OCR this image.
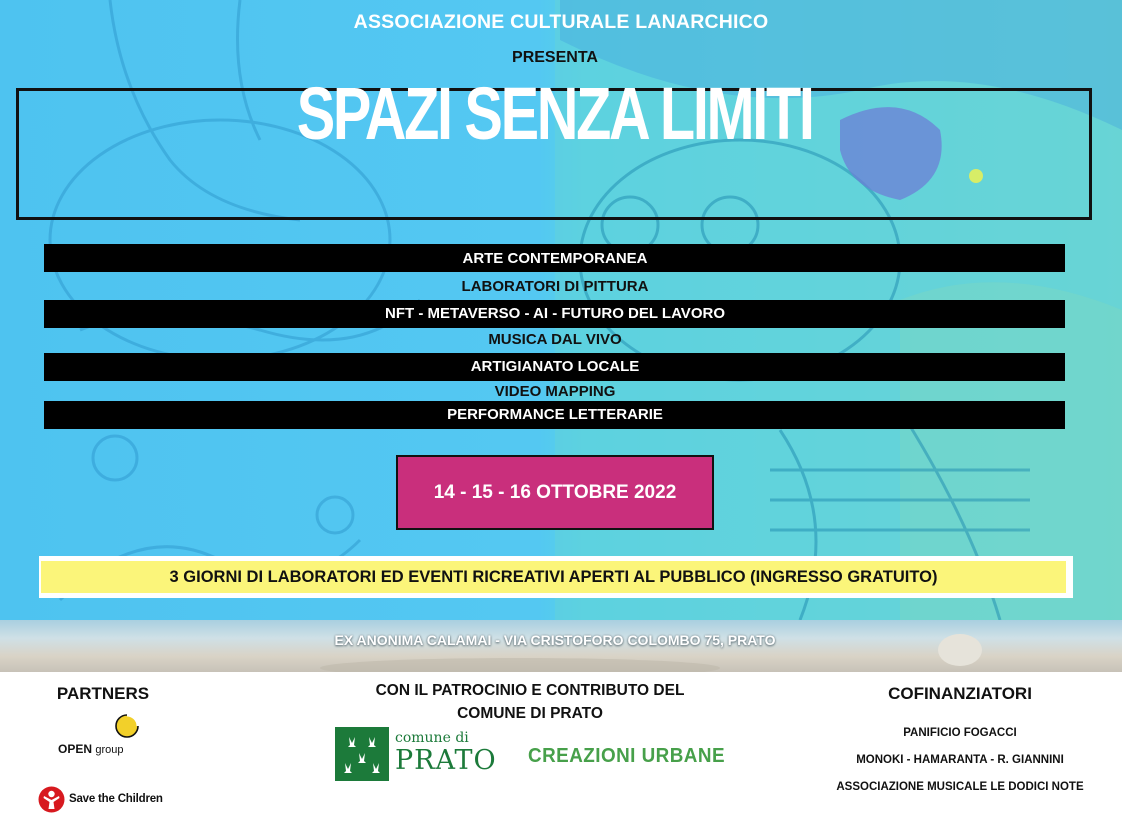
ASSOCIAZIONE CULTURALE LANARCHICO
PRESENTA
SPAZI SENZA LIMITI
ARTE CONTEMPORANEA
LABORATORI DI PITTURA
NFT - METAVERSO - AI - FUTURO DEL LAVORO
MUSICA DAL VIVO
ARTIGIANATO LOCALE
VIDEO MAPPING
PERFORMANCE LETTERARIE
14 - 15 - 16 OTTOBRE 2022
3 GIORNI DI LABORATORI ED EVENTI RICREATIVI APERTI AL PUBBLICO (INGRESSO GRATUITO)
EX ANONIMA CALAMAI - VIA CRISTOFORO COLOMBO 75, PRATO
PARTNERS
OPEN group
Save the Children
CON IL PATROCINIO E CONTRIBUTO DEL
COMUNE DI PRATO
comune di
PRATO CREAZIONI URBANE
COFINANZIATORI
PANIFICIO FOGACCI
MONOKI - HAMARANTA - R. GIANNINI
ASSOCIAZIONE MUSICALE LE DODICI NOTE
